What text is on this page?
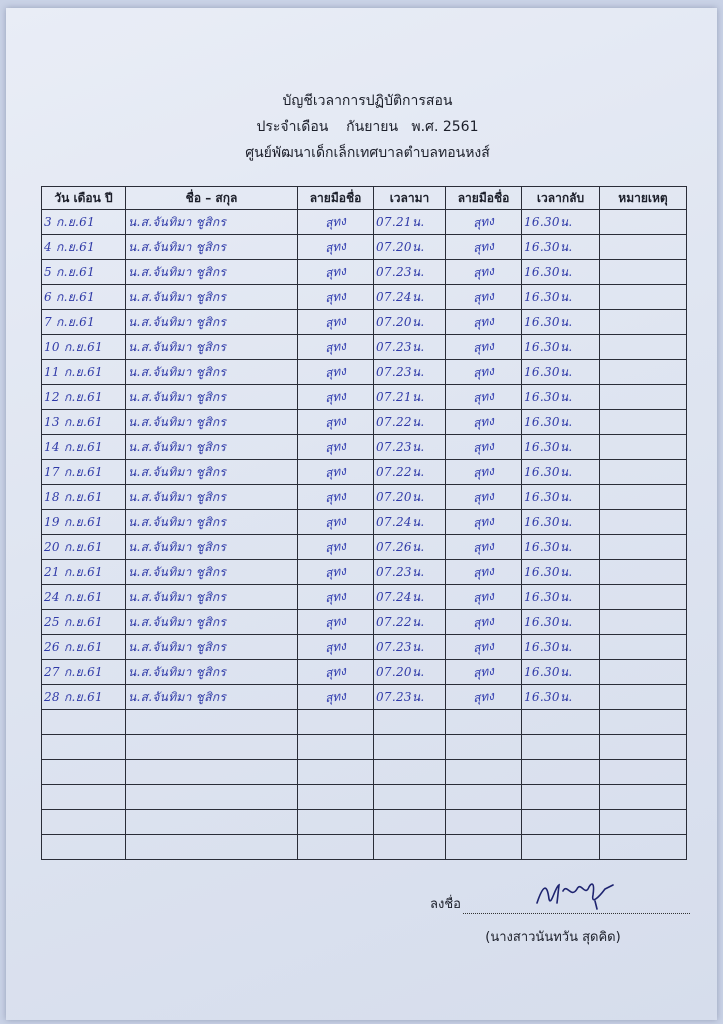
บัญชีเวลาการปฏิบัติการสอน
ประจำเดือน    กันยายน   พ.ศ. 2561
ศูนย์พัฒนาเด็กเล็กเทศบาลตำบลทอนหงส์
วัน เดือน ปี	ชื่อ – สกุล	ลายมือชื่อ	เวลามา	ลายมือชื่อ	เวลากลับ	หมายเหตุ
3 ก.ย.61	น.ส.จันทิมา ชูสิกร	สุทง	07.21น.	สุทง	16.30น.	
4 ก.ย.61	น.ส.จันทิมา ชูสิกร	สุทง	07.20น.	สุทง	16.30น.	
5 ก.ย.61	น.ส.จันทิมา ชูสิกร	สุทง	07.23น.	สุทง	16.30น.	
6 ก.ย.61	น.ส.จันทิมา ชูสิกร	สุทง	07.24น.	สุทง	16.30น.	
7 ก.ย.61	น.ส.จันทิมา ชูสิกร	สุทง	07.20น.	สุทง	16.30น.	
10 ก.ย.61	น.ส.จันทิมา ชูสิกร	สุทง	07.23น.	สุทง	16.30น.	
11 ก.ย.61	น.ส.จันทิมา ชูสิกร	สุทง	07.23น.	สุทง	16.30น.	
12 ก.ย.61	น.ส.จันทิมา ชูสิกร	สุทง	07.21น.	สุทง	16.30น.	
13 ก.ย.61	น.ส.จันทิมา ชูสิกร	สุทง	07.22น.	สุทง	16.30น.	
14 ก.ย.61	น.ส.จันทิมา ชูสิกร	สุทง	07.23น.	สุทง	16.30น.	
17 ก.ย.61	น.ส.จันทิมา ชูสิกร	สุทง	07.22น.	สุทง	16.30น.	
18 ก.ย.61	น.ส.จันทิมา ชูสิกร	สุทง	07.20น.	สุทง	16.30น.	
19 ก.ย.61	น.ส.จันทิมา ชูสิกร	สุทง	07.24น.	สุทง	16.30น.	
20 ก.ย.61	น.ส.จันทิมา ชูสิกร	สุทง	07.26น.	สุทง	16.30น.	
21 ก.ย.61	น.ส.จันทิมา ชูสิกร	สุทง	07.23น.	สุทง	16.30น.	
24 ก.ย.61	น.ส.จันทิมา ชูสิกร	สุทง	07.24น.	สุทง	16.30น.	
25 ก.ย.61	น.ส.จันทิมา ชูสิกร	สุทง	07.22น.	สุทง	16.30น.	
26 ก.ย.61	น.ส.จันทิมา ชูสิกร	สุทง	07.23น.	สุทง	16.30น.	
27 ก.ย.61	น.ส.จันทิมา ชูสิกร	สุทง	07.20น.	สุทง	16.30น.	
28 ก.ย.61	น.ส.จันทิมา ชูสิกร	สุทง	07.23น.	สุทง	16.30น.	

ลงชื่อ
(นางสาวนันทวัน สุดคิด)
